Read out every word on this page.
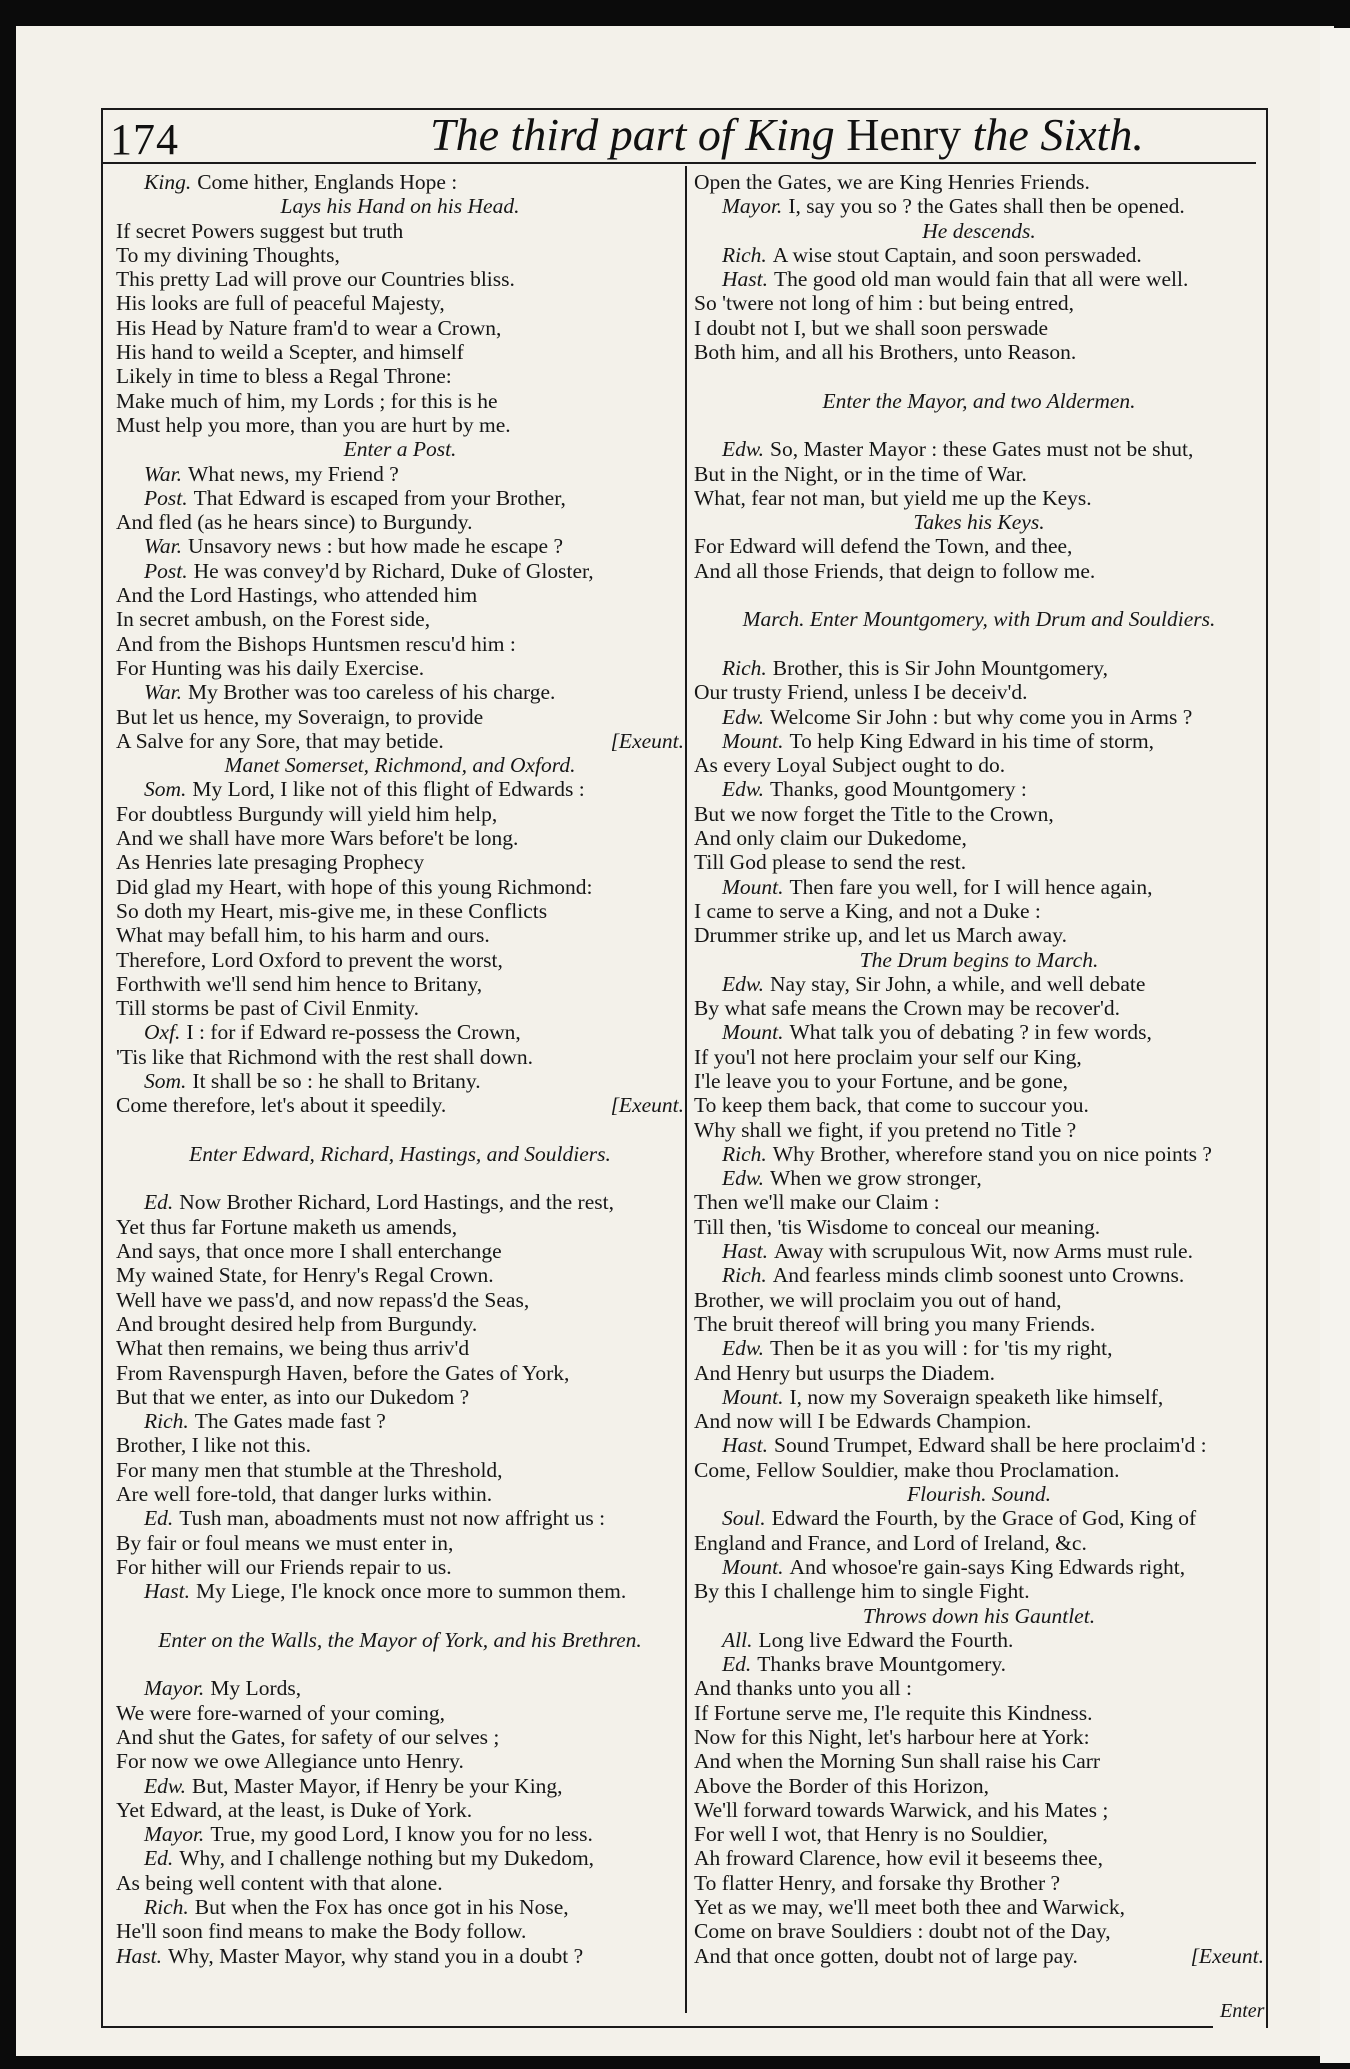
174	The third part of King Henry the Sixth.
King. Come hither, Englands Hope :
Lays his Hand on his Head.
If secret Powers suggest but truth
To my divining Thoughts,
This pretty Lad will prove our Countries bliss.
His looks are full of peaceful Majesty,
His Head by Nature fram'd to wear a Crown,
His hand to weild a Scepter, and himself
Likely in time to bless a Regal Throne:
Make much of him, my Lords ; for this is he
Must help you more, than you are hurt by me.
Enter a Post.
War. What news, my Friend ?
Post. That Edward is escaped from your Brother,
And fled (as he hears since) to Burgundy.
War. Unsavory news : but how made he escape ?
Post. He was convey'd by Richard, Duke of Gloster,
And the Lord Hastings, who attended him
In secret ambush, on the Forest side,
And from the Bishops Huntsmen rescu'd him :
For Hunting was his daily Exercise.
War. My Brother was too careless of his charge.
But let us hence, my Soveraign, to provide
A Salve for any Sore, that may betide.	[Exeunt.
Manet Somerset, Richmond, and Oxford.
Som. My Lord, I like not of this flight of Edwards :
For doubtless Burgundy will yield him help,
And we shall have more Wars before't be long.
As Henries late presaging Prophecy
Did glad my Heart, with hope of this young Richmond:
So doth my Heart, mis-give me, in these Conflicts
What may befall him, to his harm and ours.
Therefore, Lord Oxford to prevent the worst,
Forthwith we'll send him hence to Britany,
Till storms be past of Civil Enmity.
Oxf. I : for if Edward re-possess the Crown,
'Tis like that Richmond with the rest shall down.
Som. It shall be so : he shall to Britany.
Come therefore, let's about it speedily.	[Exeunt.
Enter Edward, Richard, Hastings, and Souldiers.
Ed. Now Brother Richard, Lord Hastings, and the rest,
Yet thus far Fortune maketh us amends,
And says, that once more I shall enterchange
My wained State, for Henry's Regal Crown.
Well have we pass'd, and now repass'd the Seas,
And brought desired help from Burgundy.
What then remains, we being thus arriv'd
From Ravenspurgh Haven, before the Gates of York,
But that we enter, as into our Dukedom ?
Rich. The Gates made fast ?
Brother, I like not this.
For many men that stumble at the Threshold,
Are well fore-told, that danger lurks within.
Ed. Tush man, aboadments must not now affright us :
By fair or foul means we must enter in,
For hither will our Friends repair to us.
Hast. My Liege, I'le knock once more to summon them.
Enter on the Walls, the Mayor of York, and his Brethren.
Mayor. My Lords,
We were fore-warned of your coming,
And shut the Gates, for safety of our selves ;
For now we owe Allegiance unto Henry.
Edw. But, Master Mayor, if Henry be your King,
Yet Edward, at the least, is Duke of York.
Mayor. True, my good Lord, I know you for no less.
Ed. Why, and I challenge nothing but my Dukedom,
As being well content with that alone.
Rich. But when the Fox has once got in his Nose,
He'll soon find means to make the Body follow.
Hast. Why, Master Mayor, why stand you in a doubt ?
Open the Gates, we are King Henries Friends.
Mayor. I, say you so ? the Gates shall then be opened.
He descends.
Rich. A wise stout Captain, and soon perswaded.
Hast. The good old man would fain that all were well.
So 'twere not long of him : but being entred,
I doubt not I, but we shall soon perswade
Both him, and all his Brothers, unto Reason.
Enter the Mayor, and two Aldermen.
Edw. So, Master Mayor : these Gates must not be shut,
But in the Night, or in the time of War.
What, fear not man, but yield me up the Keys.
Takes his Keys.
For Edward will defend the Town, and thee,
And all those Friends, that deign to follow me.
March. Enter Mountgomery, with Drum and Souldiers.
Rich. Brother, this is Sir John Mountgomery,
Our trusty Friend, unless I be deceiv'd.
Edw. Welcome Sir John : but why come you in Arms ?
Mount. To help King Edward in his time of storm,
As every Loyal Subject ought to do.
Edw. Thanks, good Mountgomery :
But we now forget the Title to the Crown,
And only claim our Dukedome,
Till God please to send the rest.
Mount. Then fare you well, for I will hence again,
I came to serve a King, and not a Duke :
Drummer strike up, and let us March away.
The Drum begins to March.
Edw. Nay stay, Sir John, a while, and well debate
By what safe means the Crown may be recover'd.
Mount. What talk you of debating ? in few words,
If you'l not here proclaim your self our King,
I'le leave you to your Fortune, and be gone,
To keep them back, that come to succour you.
Why shall we fight, if you pretend no Title ?
Rich. Why Brother, wherefore stand you on nice points ?
Edw. When we grow stronger,
Then we'll make our Claim :
Till then, 'tis Wisdome to conceal our meaning.
Hast. Away with scrupulous Wit, now Arms must rule.
Rich. And fearless minds climb soonest unto Crowns.
Brother, we will proclaim you out of hand,
The bruit thereof will bring you many Friends.
Edw. Then be it as you will : for 'tis my right,
And Henry but usurps the Diadem.
Mount. I, now my Soveraign speaketh like himself,
And now will I be Edwards Champion.
Hast. Sound Trumpet, Edward shall be here proclaim'd :
Come, Fellow Souldier, make thou Proclamation.
Flourish. Sound.
Soul. Edward the Fourth, by the Grace of God, King of
England and France, and Lord of Ireland, &c.
Mount. And whosoe're gain-says King Edwards right,
By this I challenge him to single Fight.
Throws down his Gauntlet.
All. Long live Edward the Fourth.
Ed. Thanks brave Mountgomery.
And thanks unto you all :
If Fortune serve me, I'le requite this Kindness.
Now for this Night, let's harbour here at York:
And when the Morning Sun shall raise his Carr
Above the Border of this Horizon,
We'll forward towards Warwick, and his Mates ;
For well I wot, that Henry is no Souldier,
Ah froward Clarence, how evil it beseems thee,
To flatter Henry, and forsake thy Brother ?
Yet as we may, we'll meet both thee and Warwick,
Come on brave Souldiers : doubt not of the Day,
And that once gotten, doubt not of large pay.	[Exeunt.
Enter
